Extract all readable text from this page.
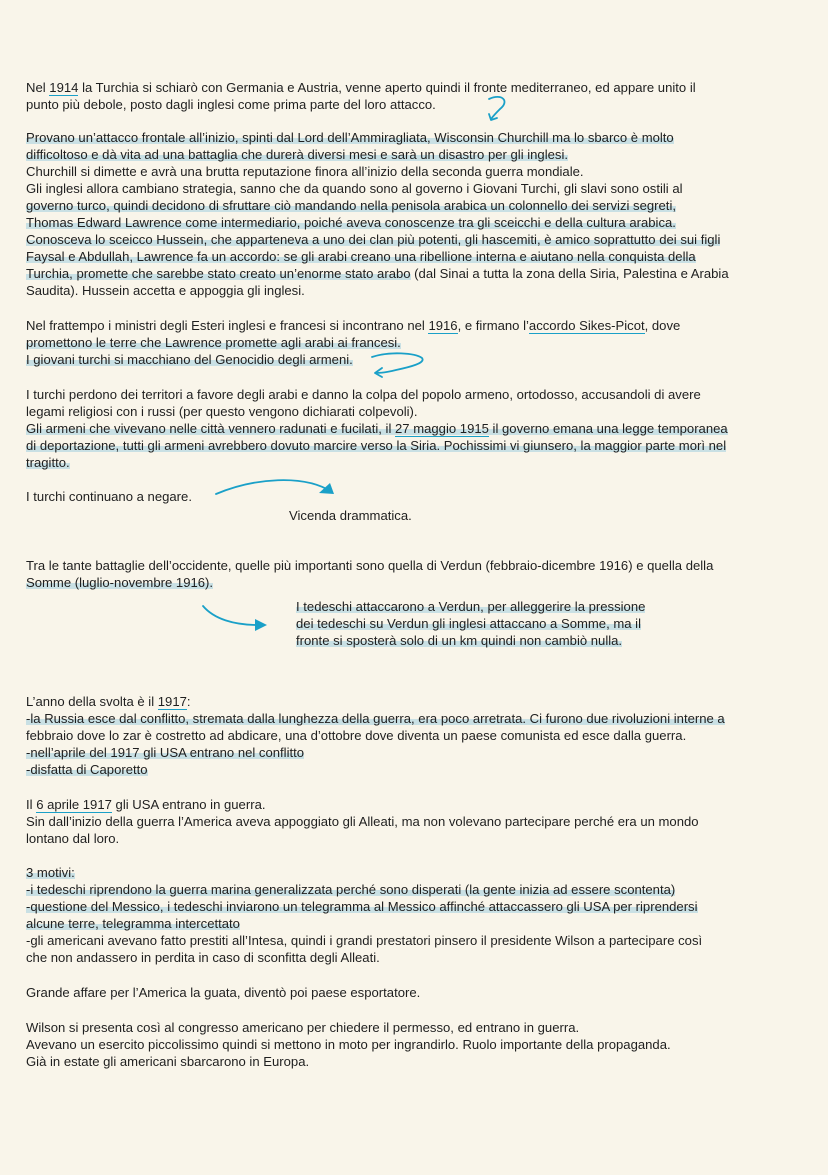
Nel 1914 la Turchia si schiarò con Germania e Austria, venne aperto quindi il fronte mediterraneo, ed appare unito il
punto più debole, posto dagli inglesi come prima parte del loro attacco.
Provano un’attacco frontale all’inizio, spinti dal Lord dell’Ammiragliata, Wisconsin Churchill ma lo sbarco è molto
difficoltoso e dà vita ad una battaglia che durerà diversi mesi e sarà un disastro per gli inglesi.
Churchill si dimette e avrà una brutta reputazione finora all’inizio della seconda guerra mondiale.
Gli inglesi allora cambiano strategia, sanno che da quando sono al governo i Giovani Turchi, gli slavi sono ostili al
governo turco, quindi decidono di sfruttare ciò mandando nella penisola arabica un colonnello dei servizi segreti,
Thomas Edward Lawrence come intermediario, poiché aveva conoscenze tra gli sceicchi e della cultura arabica.
Conosceva lo sceicco Hussein, che apparteneva a uno dei clan più potenti, gli hascemiti, è amico soprattutto dei sui figli
Faysal e Abdullah, Lawrence fa un accordo: se gli arabi creano una ribellione interna e aiutano nella conquista della
Turchia, promette che sarebbe stato creato un’enorme stato arabo (dal Sinai a tutta la zona della Siria, Palestina e Arabia
Saudita). Hussein accetta e appoggia gli inglesi.
Nel frattempo i ministri degli Esteri inglesi e francesi si incontrano nel 1916, e firmano l’accordo Sikes-Picot, dove
promettono le terre che Lawrence promette agli arabi ai francesi.
I giovani turchi si macchiano del Genocidio degli armeni.
I turchi perdono dei territori a favore degli arabi e danno la colpa del popolo armeno, ortodosso, accusandoli di avere
legami religiosi con i russi (per questo vengono dichiarati colpevoli).
Gli armeni che vivevano nelle città vennero radunati e fucilati, il 27 maggio 1915 il governo emana una legge temporanea
di deportazione, tutti gli armeni avrebbero dovuto marcire verso la Siria. Pochissimi vi giunsero, la maggior parte morì nel
tragitto.
I turchi continuano a negare.
Vicenda drammatica.
Tra le tante battaglie dell’occidente, quelle più importanti sono quella di Verdun (febbraio-dicembre 1916) e quella della
Somme (luglio-novembre 1916).
I tedeschi attaccarono a Verdun, per alleggerire la pressione
dei tedeschi su Verdun gli inglesi attaccano a Somme, ma il
fronte si sposterà solo di un km quindi non cambiò nulla.
L’anno della svolta è il 1917:
-la Russia esce dal conflitto, stremata dalla lunghezza della guerra, era poco arretrata. Ci furono due rivoluzioni interne a
febbraio dove lo zar è costretto ad abdicare, una d’ottobre dove diventa un paese comunista ed esce dalla guerra.
-nell’aprile del 1917 gli USA entrano nel conflitto
-disfatta di Caporetto
Il 6 aprile 1917 gli USA entrano in guerra.
Sin dall’inizio della guerra l’America aveva appoggiato gli Alleati, ma non volevano partecipare perché era un mondo
lontano dal loro.
3 motivi:
-i tedeschi riprendono la guerra marina generalizzata perché sono disperati (la gente inizia ad essere scontenta)
-questione del Messico, i tedeschi inviarono un telegramma al Messico affinché attaccassero gli USA per riprendersi
alcune terre, telegramma intercettato
-gli americani avevano fatto prestiti all’Intesa, quindi i grandi prestatori pinsero il presidente Wilson a partecipare così
che non andassero in perdita in caso di sconfitta degli Alleati.
Grande affare per l’America la guata, diventò poi paese esportatore.
Wilson si presenta così al congresso americano per chiedere il permesso, ed entrano in guerra.
Avevano un esercito piccolissimo quindi si mettono in moto per ingrandirlo. Ruolo importante della propaganda.
Già in estate gli americani sbarcarono in Europa.
